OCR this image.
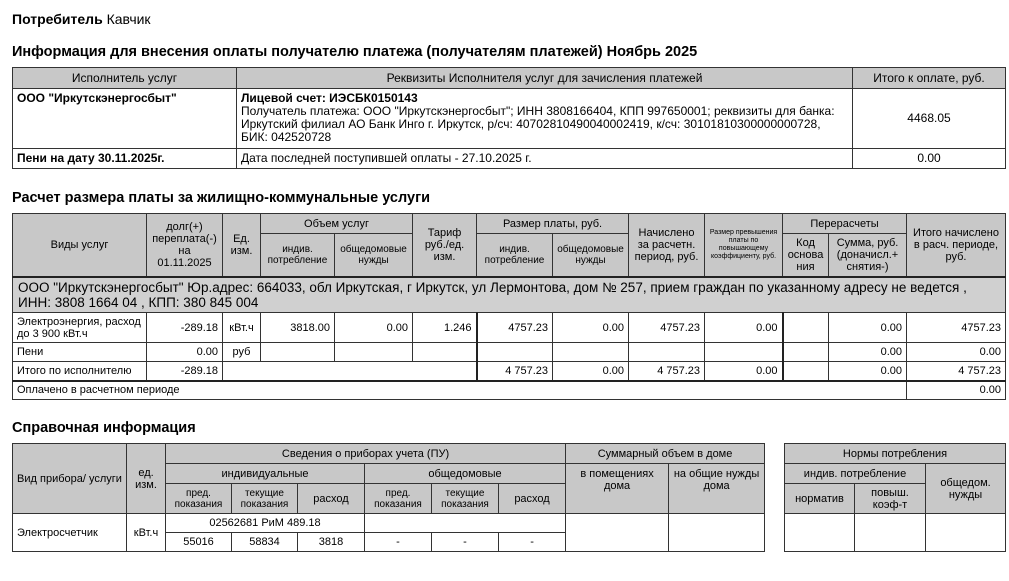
Потребитель Кавчик
Информация для внесения оплаты получателю платежа (получателям платежей) Ноябрь 2025
Исполнитель услуг	Реквизиты Исполнителя услуг для зачисления платежей	Итого к оплате, руб.
ООО "Иркутскэнергосбыт"	Лицевой счет: ИЭСБК0150143
Получатель платежа: ООО "Иркутскэнергосбыт"; ИНН 3808166404, КПП 997650001; реквизиты для банка: Иркутский филиал АО Банк Инго г. Иркутск, р/сч: 40702810490040002419, к/сч: 30101810300000000728, БИК: 042520728	4468.05
Пени на дату 30.11.2025г.	Дата последней поступившей оплаты - 27.10.2025 г.	0.00
Расчет размера платы за жилищно-коммунальные услуги
Виды услуг	долг(+) переплата(-) на 01.11.2025	Ед. изм.	Объем услуг		Тариф руб./ед. изм.	Размер платы, руб.		Начислено за расчетн. период, руб.	Размер превышения платы по повышающему коэффициенту, руб.	Перерасчеты		Итого начислено в расч. периоде, руб.
			индив. потребление	общедомовые нужды		индив. потребление	общедомовые нужды			Код основа ния	Сумма, руб. (доначисл.+ снятия-)	
ООО "Иркутскэнергосбыт" Юр.адрес: 664033, обл Иркутская, г Иркутск, ул Лермонтова, дом № 257, прием граждан по указанному адресу не ведется , ИНН: 3808 1664 04 , КПП: 380 845 004												
Электроэнергия, расход до 3 900 кВт.ч	-289.18	кВт.ч	3818.00	0.00	1.246	4757.23	0.00	4757.23	0.00		0.00	4757.23
Пени	0.00	руб									0.00	0.00
Итого по исполнителю	-289.18					4 757.23	0.00	4 757.23	0.00		0.00	4 757.23
Оплачено в расчетном периоде												0.00
Справочная информация
Вид прибора/ услуги	ед. изм.	Сведения о приборах учета (ПУ)						Суммарный объем в доме	
		индивидуальные			общедомовые			в помещениях дома	на общие нужды дома
		пред. показания	текущие показания	расход	пред. показания	текущие показания	расход		
Электросчетчик	кВт.ч	02562681 РиМ 489.18							
		55016	58834	3818	-	-	-		
Нормы потребления		
индив. потребление		общедом. нужды
норматив	повыш. коэф-т	
